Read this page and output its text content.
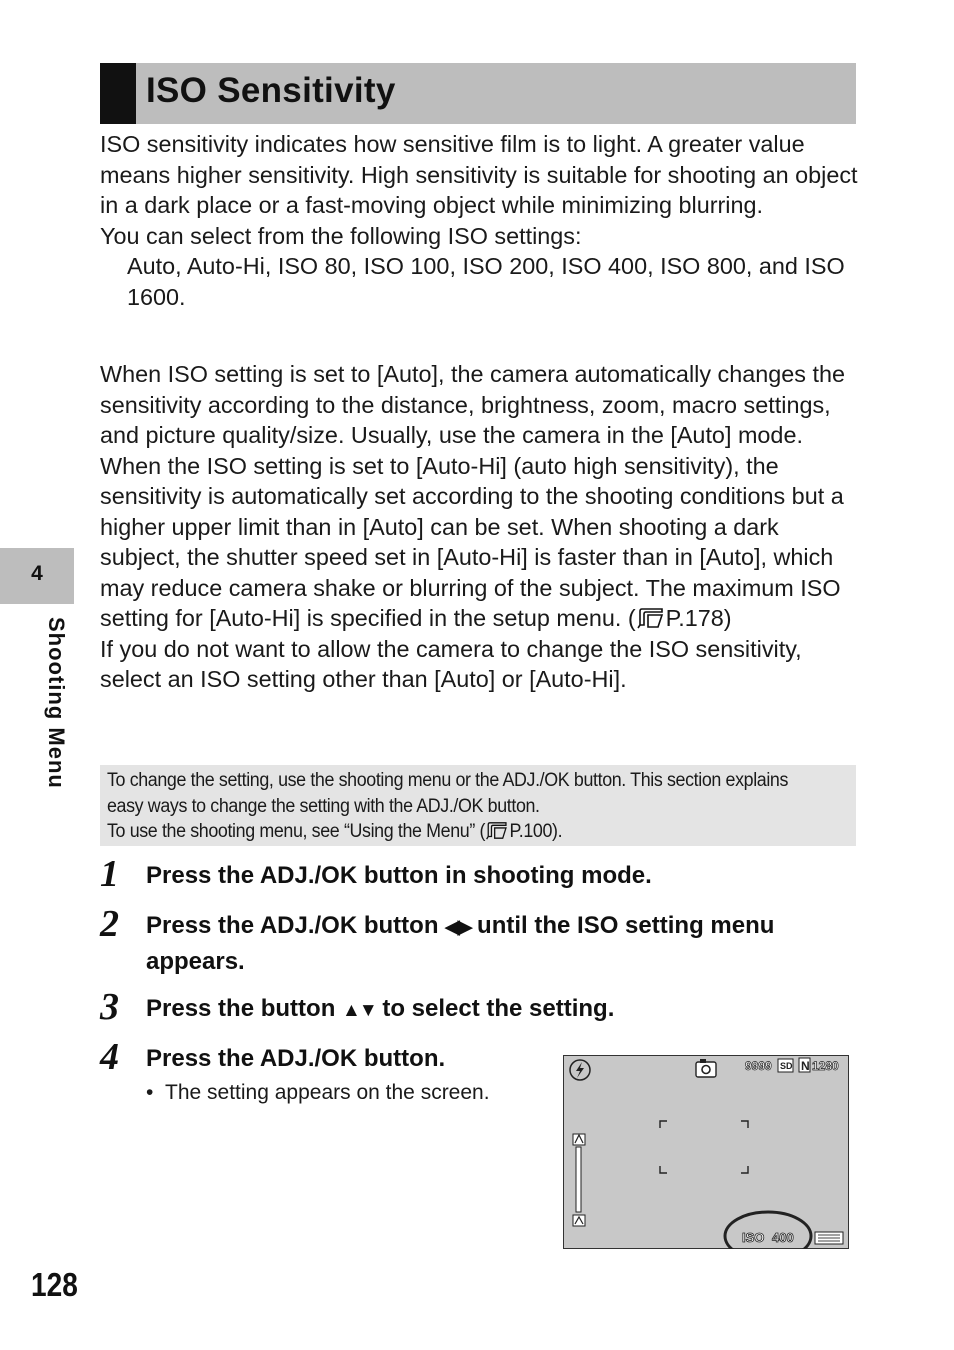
ISO Sensitivity

ISO sensitivity indicates how sensitive film is to light. A greater value means higher sensitivity. High sensitivity is suitable for shooting an object in a dark place or a fast-moving object while minimizing blurring.

You can select from the following ISO settings:

Auto, Auto-Hi, ISO 80, ISO 100, ISO 200, ISO 400, ISO 800, and ISO 1600.

When ISO setting is set to [Auto], the camera automatically changes the sensitivity according to the distance, brightness, zoom, macro settings, and picture quality/size. Usually, use the camera in the [Auto] mode.

When the ISO setting is set to [Auto-Hi] (auto high sensitivity), the sensitivity is automatically set according to the shooting conditions but a higher upper limit than in [Auto] can be set. When shooting a dark subject, the shutter speed set in [Auto-Hi] is faster than in [Auto], which may reduce camera shake or blurring of the subject. The maximum ISO setting for [Auto-Hi] is specified in the setup menu. ( P.178)

If you do not want to allow the camera to change the ISO sensitivity, select an ISO setting other than [Auto] or [Auto-Hi].

To change the setting, use the shooting menu or the ADJ./OK button. This section explains
easy ways to change the setting with the ADJ./OK button.
To use the shooting menu, see “Using the Menu” ( P.100).
1 Press the ADJ./OK button in shooting mode.
2 Press the ADJ./OK button ◀▶ until the ISO setting menu appears.
3 Press the button ▲▼ to select the setting.
4 Press the ADJ./OK button.
•  The setting appears on the screen.
9999 SD N 1280
ISO 400
4
Shooting Menu
128
